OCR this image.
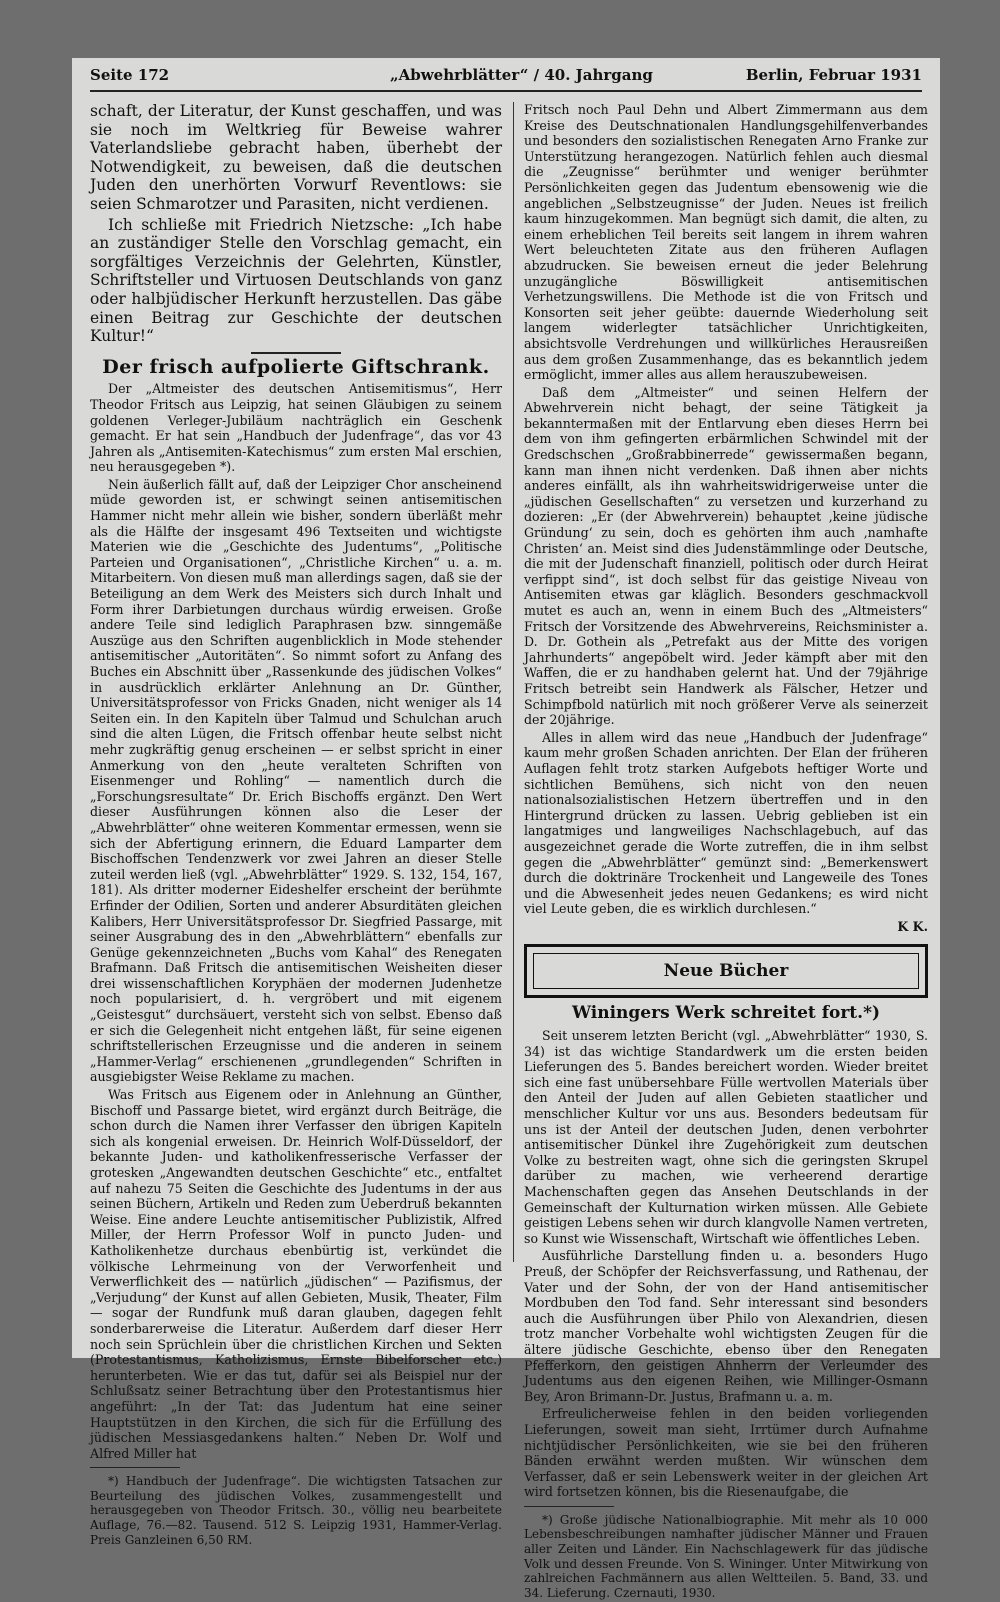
Seite 172	„Abwehrblätter“ / 40. Jahrgang	Berlin, Februar 1931

schaft, der Literatur, der Kunst geschaffen, und was sie noch im Weltkrieg für Beweise wahrer Vaterlandsliebe gebracht haben, überhebt der Notwendigkeit, zu beweisen, daß die deutschen Juden den unerhörten Vorwurf Reventlows: sie seien Schmarotzer und Parasiten, nicht verdienen.

Ich schließe mit Friedrich Nietzsche: „Ich habe an zuständiger Stelle den Vorschlag gemacht, ein sorgfältiges Verzeichnis der Gelehrten, Künstler, Schriftsteller und Virtuosen Deutschlands von ganz oder halbjüdischer Herkunft herzustellen. Das gäbe einen Beitrag zur Geschichte der deutschen Kultur!“

Der frisch aufpolierte Giftschrank.

Der „Altmeister des deutschen Antisemitismus“, Herr Theodor Fritsch aus Leipzig, hat seinen Gläubigen zu seinem goldenen Verleger-Jubiläum nachträglich ein Geschenk gemacht. Er hat sein „Handbuch der Judenfrage“, das vor 43 Jahren als „Antisemiten-Katechismus“ zum ersten Mal erschien, neu herausgegeben *).

Nein äußerlich fällt auf, daß der Leipziger Chor anscheinend müde geworden ist, er schwingt seinen antisemitischen Hammer nicht mehr allein wie bisher, sondern überläßt mehr als die Hälfte der insgesamt 496 Textseiten und wichtigste Materien wie die „Geschichte des Judentums“, „Politische Parteien und Organisationen“, „Christliche Kirchen“ u. a. m. Mitarbeitern. Von diesen muß man allerdings sagen, daß sie der Beteiligung an dem Werk des Meisters sich durch Inhalt und Form ihrer Darbietungen durchaus würdig erweisen. Große andere Teile sind lediglich Paraphrasen bzw. sinngemäße Auszüge aus den Schriften augenblicklich in Mode stehender antisemitischer „Autoritäten“. So nimmt sofort zu Anfang des Buches ein Abschnitt über „Rassenkunde des jüdischen Volkes“ in ausdrücklich erklärter Anlehnung an Dr. Günther, Universitätsprofessor von Fricks Gnaden, nicht weniger als 14 Seiten ein. In den Kapiteln über Talmud und Schulchan aruch sind die alten Lügen, die Fritsch offenbar heute selbst nicht mehr zugkräftig genug erscheinen — er selbst spricht in einer Anmerkung von den „heute veralteten Schriften von Eisenmenger und Rohling“ — namentlich durch die „Forschungsresultate“ Dr. Erich Bischoffs ergänzt. Den Wert dieser Ausführungen können also die Leser der „Abwehrblätter“ ohne weiteren Kommentar ermessen, wenn sie sich der Abfertigung erinnern, die Eduard Lamparter dem Bischoffschen Tendenzwerk vor zwei Jahren an dieser Stelle zuteil werden ließ (vgl. „Abwehrblätter“ 1929. S. 132, 154, 167, 181). Als dritter moderner Eideshelfer erscheint der berühmte Erfinder der Odilien, Sorten und anderer Absurditäten gleichen Kalibers, Herr Universitätsprofessor Dr. Siegfried Passarge, mit seiner Ausgrabung des in den „Abwehrblättern“ ebenfalls zur Genüge gekennzeichneten „Buchs vom Kahal“ des Renegaten Brafmann. Daß Fritsch die antisemitischen Weisheiten dieser drei wissenschaftlichen Koryphäen der modernen Judenhetze noch popularisiert, d. h. vergröbert und mit eigenem „Geistesgut“ durchsäuert, versteht sich von selbst. Ebenso daß er sich die Gelegenheit nicht entgehen läßt, für seine eigenen schriftstellerischen Erzeugnisse und die anderen in seinem „Hammer-Verlag“ erschienenen „grundlegenden“ Schriften in ausgiebigster Weise Reklame zu machen.

Was Fritsch aus Eigenem oder in Anlehnung an Günther, Bischoff und Passarge bietet, wird ergänzt durch Beiträge, die schon durch die Namen ihrer Verfasser den übrigen Kapiteln sich als kongenial erweisen. Dr. Heinrich Wolf-Düsseldorf, der bekannte Juden- und katholikenfresserische Verfasser der grotesken „Angewandten deutschen Geschichte“ etc., entfaltet auf nahezu 75 Seiten die Geschichte des Judentums in der aus seinen Büchern, Artikeln und Reden zum Ueberdruß bekannten Weise. Eine andere Leuchte antisemitischer Publizistik, Alfred Miller, der Herrn Professor Wolf in puncto Juden- und Katholikenhetze durchaus ebenbürtig ist, verkündet die völkische Lehrmeinung von der Verworfenheit und Verwerflichkeit des — natürlich „jüdischen“ — Pazifismus, der „Verjudung“ der Kunst auf allen Gebieten, Musik, Theater, Film — sogar der Rundfunk muß daran glauben, dagegen fehlt sonderbarerweise die Literatur. Außerdem darf dieser Herr noch sein Sprüchlein über die christlichen Kirchen und Sekten (Protestantismus, Katholizismus, Ernste Bibelforscher etc.) herunterbeten. Wie er das tut, dafür sei als Beispiel nur der Schlußsatz seiner Betrachtung über den Protestantismus hier angeführt: „In der Tat: das Judentum hat eine seiner Hauptstützen in den Kirchen, die sich für die Erfüllung des jüdischen Messiasgedankens halten.“ Neben Dr. Wolf und Alfred Miller hat

*) Handbuch der Judenfrage“. Die wichtigsten Tatsachen zur Beurteilung des jüdischen Volkes, zusammengestellt und herausgegeben von Theodor Fritsch. 30., völlig neu bearbeitete Auflage, 76.—82. Tausend. 512 S. Leipzig 1931, Hammer-Verlag. Preis Ganzleinen 6,50 RM.

Fritsch noch Paul Dehn und Albert Zimmermann aus dem Kreise des Deutschnationalen Handlungsgehilfenverbandes und besonders den sozialistischen Renegaten Arno Franke zur Unterstützung herangezogen. Natürlich fehlen auch diesmal die „Zeugnisse“ berühmter und weniger berühmter Persönlichkeiten gegen das Judentum ebensowenig wie die angeblichen „Selbstzeugnisse“ der Juden. Neues ist freilich kaum hinzugekommen. Man begnügt sich damit, die alten, zu einem erheblichen Teil bereits seit langem in ihrem wahren Wert beleuchteten Zitate aus den früheren Auflagen abzudrucken. Sie beweisen erneut die jeder Belehrung unzugängliche Böswilligkeit antisemitischen Verhetzungswillens. Die Methode ist die von Fritsch und Konsorten seit jeher geübte: dauernde Wiederholung seit langem widerlegter tatsächlicher Unrichtigkeiten, absichtsvolle Verdrehungen und willkürliches Herausreißen aus dem großen Zusammenhange, das es bekanntlich jedem ermöglicht, immer alles aus allem herauszubeweisen.

Daß dem „Altmeister“ und seinen Helfern der Abwehrverein nicht behagt, der seine Tätigkeit ja bekanntermaßen mit der Entlarvung eben dieses Herrn bei dem von ihm gefingerten erbärmlichen Schwindel mit der Gredschschen „Großrabbinerrede“ gewissermaßen begann, kann man ihnen nicht verdenken. Daß ihnen aber nichts anderes einfällt, als ihn wahrheitswidrigerweise unter die „jüdischen Gesellschaften“ zu versetzen und kurzerhand zu dozieren: „Er (der Abwehrverein) behauptet ‚keine jüdische Gründung‘ zu sein, doch es gehörten ihm auch ‚namhafte Christen‘ an. Meist sind dies Judenstämmlinge oder Deutsche, die mit der Judenschaft finanziell, politisch oder durch Heirat verfippt sind“, ist doch selbst für das geistige Niveau von Antisemiten etwas gar kläglich. Besonders geschmackvoll mutet es auch an, wenn in einem Buch des „Altmeisters“ Fritsch der Vorsitzende des Abwehrvereins, Reichsminister a. D. Dr. Gothein als „Petrefakt aus der Mitte des vorigen Jahrhunderts“ angepöbelt wird. Jeder kämpft aber mit den Waffen, die er zu handhaben gelernt hat. Und der 79jährige Fritsch betreibt sein Handwerk als Fälscher, Hetzer und Schimpfbold natürlich mit noch größerer Verve als seinerzeit der 20jährige.

Alles in allem wird das neue „Handbuch der Judenfrage“ kaum mehr großen Schaden anrichten. Der Elan der früheren Auflagen fehlt trotz starken Aufgebots heftiger Worte und sichtlichen Bemühens, sich nicht von den neuen nationalsozialistischen Hetzern übertreffen und in den Hintergrund drücken zu lassen. Uebrig geblieben ist ein langatmiges und langweiliges Nachschlagebuch, auf das ausgezeichnet gerade die Worte zutreffen, die in ihm selbst gegen die „Abwehrblätter“ gemünzt sind: „Bemerkenswert durch die doktrinäre Trockenheit und Langeweile des Tones und die Abwesenheit jedes neuen Gedankens; es wird nicht viel Leute geben, die es wirklich durchlesen.“

K K.
Neue Bücher
Winingers Werk schreitet fort.*)

Seit unserem letzten Bericht (vgl. „Abwehrblätter“ 1930, S. 34) ist das wichtige Standardwerk um die ersten beiden Lieferungen des 5. Bandes bereichert worden. Wieder breitet sich eine fast unübersehbare Fülle wertvollen Materials über den Anteil der Juden auf allen Gebieten staatlicher und menschlicher Kultur vor uns aus. Besonders bedeutsam für uns ist der Anteil der deutschen Juden, denen verbohrter antisemitischer Dünkel ihre Zugehörigkeit zum deutschen Volke zu bestreiten wagt, ohne sich die geringsten Skrupel darüber zu machen, wie verheerend derartige Machenschaften gegen das Ansehen Deutschlands in der Gemeinschaft der Kulturnation wirken müssen. Alle Gebiete geistigen Lebens sehen wir durch klangvolle Namen vertreten, so Kunst wie Wissenschaft, Wirtschaft wie öffentliches Leben.

Ausführliche Darstellung finden u. a. besonders Hugo Preuß, der Schöpfer der Reichsverfassung, und Rathenau, der Vater und der Sohn, der von der Hand antisemitischer Mordbuben den Tod fand. Sehr interessant sind besonders auch die Ausführungen über Philo von Alexandrien, diesen trotz mancher Vorbehalte wohl wichtigsten Zeugen für die ältere jüdische Geschichte, ebenso über den Renegaten Pfefferkorn, den geistigen Ahnherrn der Verleumder des Judentums aus den eigenen Reihen, wie Millinger-Osmann Bey, Aron Brimann-Dr. Justus, Brafmann u. a. m.

Erfreulicherweise fehlen in den beiden vorliegenden Lieferungen, soweit man sieht, Irrtümer durch Aufnahme nichtjüdischer Persönlichkeiten, wie sie bei den früheren Bänden erwähnt werden mußten. Wir wünschen dem Verfasser, daß er sein Lebenswerk weiter in der gleichen Art wird fortsetzen können, bis die Riesenaufgabe, die

*) Große jüdische Nationalbiographie. Mit mehr als 10 000 Lebensbeschreibungen namhafter jüdischer Männer und Frauen aller Zeiten und Länder. Ein Nachschlagewerk für das jüdische Volk und dessen Freunde. Von S. Wininger. Unter Mitwirkung von zahlreichen Fachmännern aus allen Weltteilen. 5. Band, 33. und 34. Lieferung. Czernauti, 1930.
